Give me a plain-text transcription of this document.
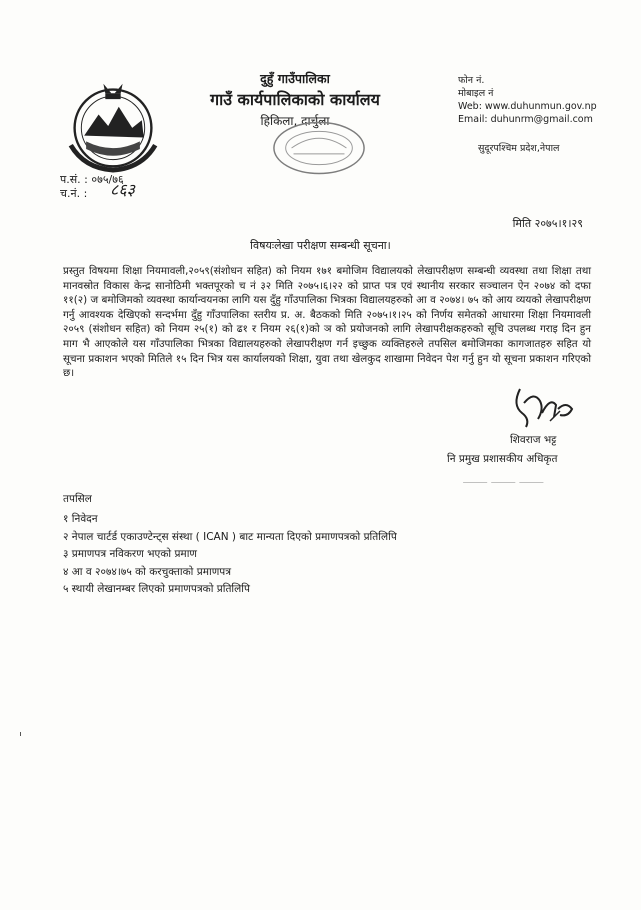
दुहुँ गाउँपालिका
गाउँ कार्यपालिकाको कार्यालय
हिकिला, दार्चुला
फोन नं.
मोबाइल नं
Web: www.duhunmun.gov.np
Email: duhunrm@gmail.com
सुदूरपश्चिम प्रदेश,नेपाल
प.सं. : ०७५/७६
च.नं. : ८६३
मिति २०७५।१।२९
विषयःलेखा परीक्षण सम्बन्धी सूचना।
प्रस्तुत विषयमा शिक्षा नियमावली,२०५९(संशोधन सहित) को नियम १७१ बमोजिम विद्यालयको लेखापरीक्षण सम्बन्धी व्यवस्था तथा शिक्षा तथा मानवस्रोत विकास केन्द्र सानोठिमी भक्तपूरको च नं ३२ मिति २०७५।६।२२ को प्राप्त पत्र एवं स्थानीय सरकार सञ्चालन ऐन २०७४ को दफा ११(२) ज बमोजिमको व्यवस्था कार्यान्वयनका लागि यस दुँहु गाँउपालिका भित्रका विद्यालयहरुको आ व २०७४। ७५ को आय व्ययको लेखापरीक्षण गर्नु आवश्यक देखिएको सन्दर्भमा दुँहु गाँउपालिका स्तरीय प्र. अ. बैठकको मिति २०७५।१।२५ को निर्णय समेतको आधारमा शिक्षा नियमावली २०५९ (संशोधन सहित) को नियम २५(१) को ढ१ र नियम २६(१)को ञ को प्रयोजनको लागि लेखापरीक्षकहरुको सूचि उपलब्ध गराइ दिन हुन माग भै आएकोले यस गाँउपालिका भित्रका विद्यालयहरुको लेखापरीक्षण गर्न इच्छुक व्यक्तिहरुले तपसिल बमोजिमका कागजातहरु सहित यो सूचना प्रकाशन भएको मितिले १५ दिन भित्र यस कार्यालयको शिक्षा, युवा तथा खेलकुद शाखामा निवेदन पेश गर्नु हुन यो सूचना प्रकाशन गरिएको छ।
शिवराज भट्ट
नि प्रमुख प्रशासकीय अधिकृत
⸻ ⸻ ⸻
तपसिल
१ निवेदन
२ नेपाल चार्टर्ड एकाउण्टेन्ट्स संस्था ( ICAN ) बाट मान्यता दिएको प्रमाणपत्रको प्रतिलिपि
३ प्रमाणपत्र नविकरण भएको प्रमाण
४ आ व २०७४।७५ को करचुक्ताको प्रमाणपत्र
५ स्थायी लेखानम्बर लिएको प्रमाणपत्रको प्रतिलिपि
